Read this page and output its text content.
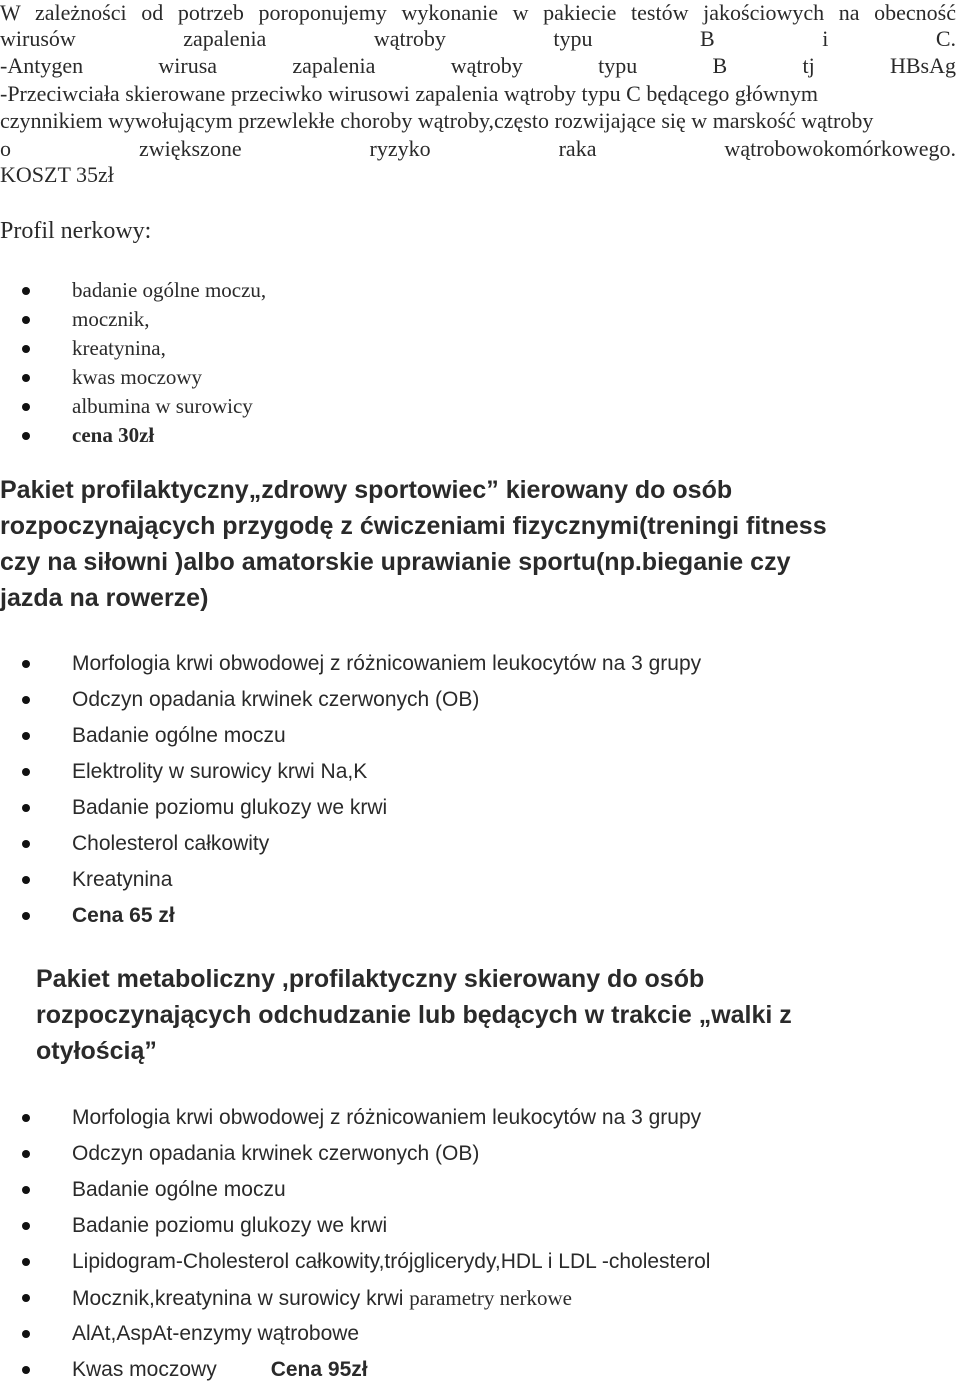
W zależności od potrzeb poroponujemy wykonanie w pakiecie testów jakościowych na obecność
wirusów zapalenia wątroby typu B i C.
-Antygen wirusa zapalenia wątroby typu B tj HBsAg
-Przeciwciała skierowane przeciwko wirusowi zapalenia wątroby typu C będącego głównym
czynnikiem wywołującym przewlekłe choroby wątroby,często rozwijające się w marskość wątroby
o zwiększone ryzyko raka wątrobowokomórkowego.
KOSZT 35zł
Profil nerkowy:
badanie ogólne moczu,
mocznik,
kreatynina,
kwas moczowy
albumina w surowicy
cena 30zł
Pakiet profilaktyczny„zdrowy sportowiec” kierowany do osób
rozpoczynających przygodę z ćwiczeniami fizycznymi(treningi fitness
czy na siłowni )albo amatorskie uprawianie sportu(np.bieganie czy
jazda na rowerze)
Morfologia krwi obwodowej z różnicowaniem leukocytów na 3 grupy
Odczyn opadania krwinek czerwonych (OB)
Badanie ogólne moczu
Elektrolity w surowicy krwi Na,K
Badanie poziomu glukozy we krwi
Cholesterol całkowity
Kreatynina
Cena 65 zł
Pakiet metaboliczny ,profilaktyczny skierowany do osób
rozpoczynających odchudzanie lub będących w trakcie „walki z
otyłością”
Morfologia krwi obwodowej z różnicowaniem leukocytów na 3 grupy
Odczyn opadania krwinek czerwonych (OB)
Badanie ogólne moczu
Badanie poziomu glukozy we krwi
Lipidogram-Cholesterol całkowity,trójglicerydy,HDL i LDL -cholesterol
Mocznik,kreatynina w surowicy krwi parametry nerkowe
AlAt,AspAt-enzymy wątrobowe
Kwas moczowy	Cena 95zł
